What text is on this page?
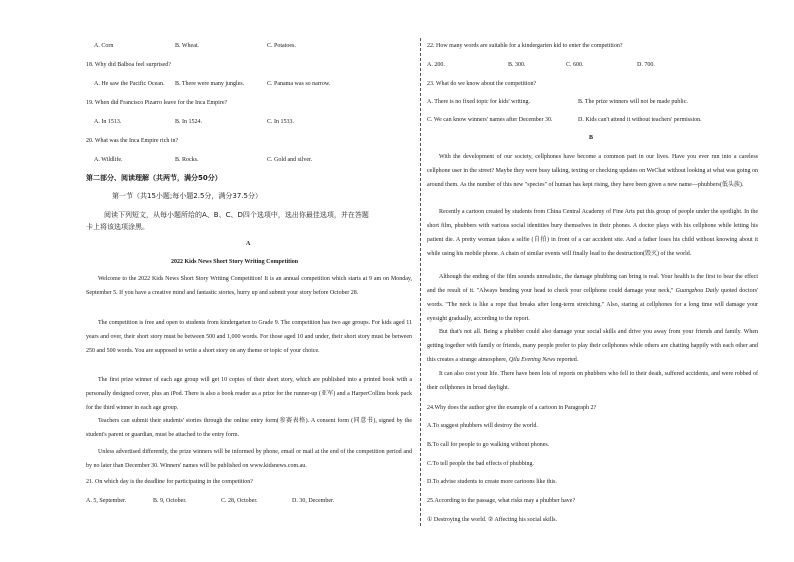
A. Corn	B. Wheat.	C. Potatoes.
18. Why did Balboa feel surprised?
A. He saw the Pacific Ocean. B. There were many jungles.	C. Panama was so narrow.
19. When did Francisco Pizarro leave for the Inca Empire?
A. In 1513.	B. In 1524.	C. In 1533.
20. What was the Inca Empire rich in?
A. Wildlife.	B. Rocks.	C. Gold and silver.
第二部分、阅读理解（共两节，满分50分）
第一节（共15小题;每小题2.5分，满分37.5分）
阅读下列短文，从每小题所给的A、B、C、D四个选项中，选出你最佳选项，并在答题
卡上将该选项涂黑。
A
2022 Kids News Short Story Writing Competition

Welcome to the 2022 Kids News Short Story Writing Competition! It is an annual competition which starts at 9 am on Monday, September 5. If you have a creative mind and fantastic stories, hurry up and submit your story before October 28.

The competition is free and open to students from kindergarten to Grade 9. The competition has two age groups. For kids aged 11 years and over, their short story must be between 500 and 1,000 words. For those aged 10 and under, their short story must be between 250 and 500 words. You are supposed to write a short story on any theme or topic of your choice.

The first prize winner of each age group will get 10 copies of their short story, which are published into a printed book with a personally designed cover, plus an iPod. There is also a book reader as a prize for the runner-up (亚军) and a HarperCollins book pack for the third winner in each age group.

Teachers can submit their students' stories through the online entry form(参赛表格). A consent form (同意书), signed by the student's parent or guardian, must be attached to the entry form.

Unless advertised differently, the prize winners will be informed by phone, email or mail at the end of the competition period and by no later than December 30. Winners' names will be published on www.kidsnews.com.au.

21. On which day is the deadline for participating in the competition?
A. 5, September.	B. 9, October.	C. 28, October.	D. 30, December.
22. How many words are suitable for a kindergarten kid to enter the competition?
A. 200.	B. 300.	C. 600.	D. 700.
23. What do we know about the competition?
A. There is no fixed topic for kids' writing.	B. The prize winners will not be made public.
C. We can know winners' names after December 30.	D. Kids can't attend it without teachers' permission.
B

With the development of our society, cellphones have become a common part in our lives. Have you ever run into a careless cellphone user in the street? Maybe they were busy talking, texting or checking updates on WeChat without looking at what was going on around them. As the number of this new "species" of human has kept rising, they have been given a new name—phubbers(低头族).

Recently a cartoon created by students from China Central Academy of Fine Arts put this group of people under the spotlight. In the short film, phubbers with various social identities bury themselves in their phones. A doctor plays with his cellphone while letting his patient die. A pretty woman takes a selfie (自拍) in front of a car accident site. And a father loses his child without knowing about it while using his mobile phone. A chain of similar events will finally lead to the destruction(毁灭) of the world.

Although the ending of the film sounds unrealistic, the damage phubbing can bring is real. Your health is the first to bear the effect and the result of it. "Always bending your head to check your cellphone could damage your neck," Guangzhou Daily quoted doctors' words. "The neck is like a rope that breaks after long-term stretching." Also, staring at cellphones for a long time will damage your eyesight gradually, according to the report.

But that's not all. Being a phubber could also damage your social skills and drive you away from your friends and family. When getting together with family or friends, many people prefer to play their cellphones while others are chatting happily with each other and this creates a strange atmosphere, Qilu Evening News reported.

It can also cost your life. There have been lots of reports on phubbers who fell to their death, suffered accidents, and were robbed of their cellphones in broad daylight.

24.Why does the author give the example of a cartoon in Paragraph 2?
A.To suggest phubbers will destroy the world.
B.To call for people to go walking without phones.
C.To tell people the bad effects of phubbing.
D.To advise students to create more cartoons like this.
25.According to the passage, what risks may a phubber have?
① Destroying the world. ② Affecting his social skills.
